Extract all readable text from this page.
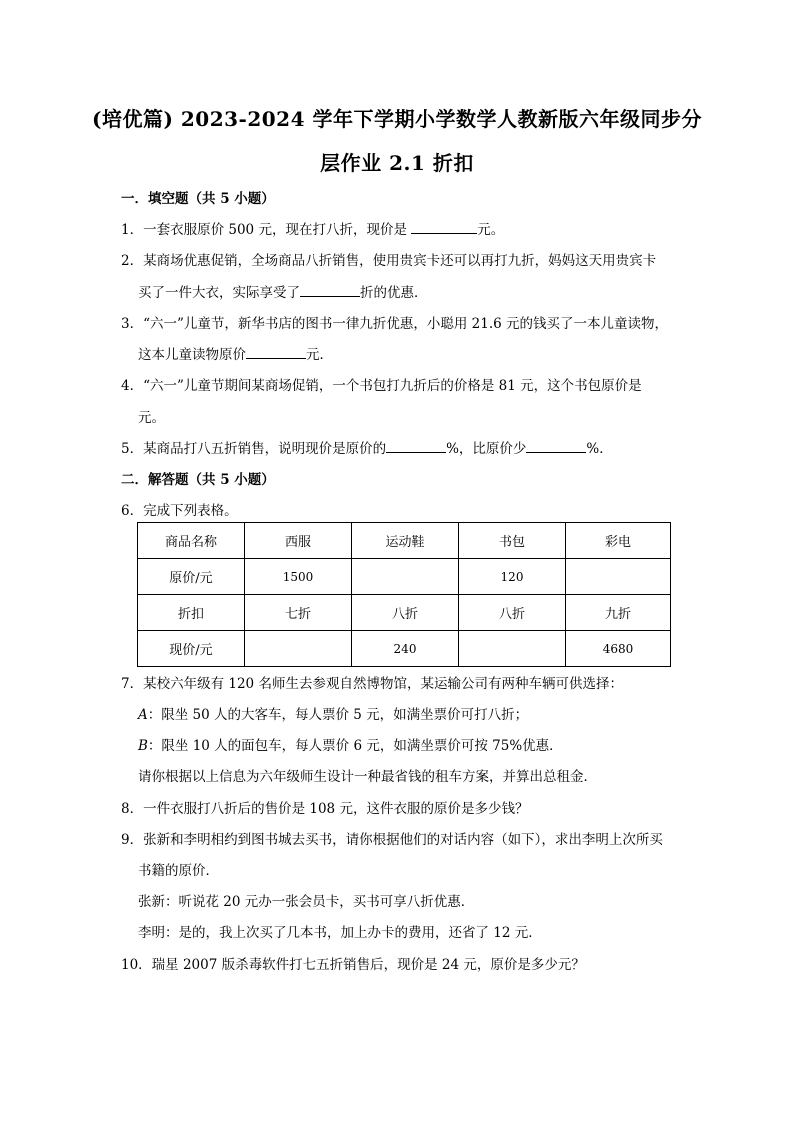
(培优篇) 2023-2024 学年下学期小学数学人教新版六年级同步分
层作业 2.1 折扣
一．填空题（共 5 小题）
1．一套衣服原价 500 元，现在打八折，现价是	元。
2．某商场优惠促销，全场商品八折销售，使用贵宾卡还可以再打九折，妈妈这天用贵宾卡
买了一件大衣，实际享受了	折的优惠．
3．“六一”儿童节，新华书店的图书一律九折优惠，小聪用 21.6 元的钱买了一本儿童读物，
这本儿童读物原价	元．
4．“六一”儿童节期间某商场促销，一个书包打九折后的价格是 81 元，这个书包原价是
元。
5．某商品打八五折销售，说明现价是原价的	%，比原价少	%．
二．解答题（共 5 小题）
6．完成下列表格。
商品名称	西服	运动鞋	书包	彩电
原价/元	1500		120	
折扣	七折	八折	八折	九折
现价/元		240		4680
7．某校六年级有 120 名师生去参观自然博物馆，某运输公司有两种车辆可供选择：
A：限坐 50 人的大客车，每人票价 5 元，如满坐票价可打八折；
B：限坐 10 人的面包车，每人票价 6 元，如满坐票价可按 75%优惠．
请你根据以上信息为六年级师生设计一种最省钱的租车方案，并算出总租金．
8．一件衣服打八折后的售价是 108 元，这件衣服的原价是多少钱？
9．张新和李明相约到图书城去买书，请你根据他们的对话内容（如下），求出李明上次所买
书籍的原价．
张新：听说花 20 元办一张会员卡，买书可享八折优惠．
李明：是的，我上次买了几本书，加上办卡的费用，还省了 12 元．
10．瑞星 2007 版杀毒软件打七五折销售后，现价是 24 元，原价是多少元？
